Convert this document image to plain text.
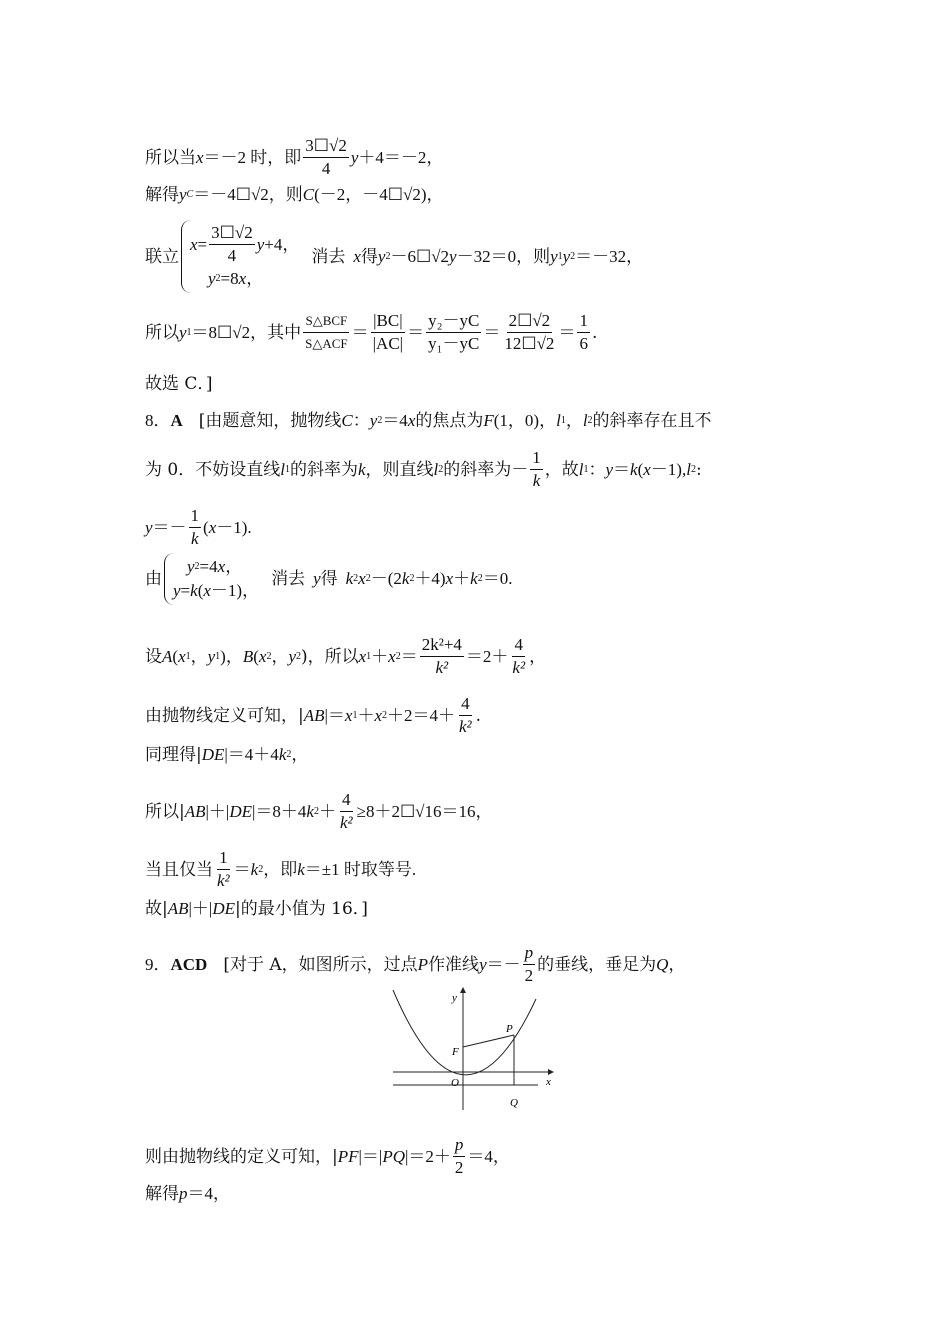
所以当 x ＝－2 时，即 $\frac{3☐√2}{4}$ y ＋4＝－2，
解得 y C ＝－4☐√2，则 C (－2，－4☐√2)，
联立
$x = \frac{3☐√2}{4}$ y +4，
y 2 =8 x ，
消去 x 得 y 2 －6☐√2 y －32＝0，则 y 1 y 2 ＝－32，
所以 y 1 ＝8☐√2，其中 $\frac{\text{S△BCF}}{\text{S△ACF}} = \frac{|BC|}{|AC|} = \frac{\text{y₂－yC}}{\text{y₁－yC}} = \frac{2☐√2}{12☐√2} = \frac{1}{6}$ .
故选 C．]
8． A [由题意知，抛物线 C ： y 2 ＝4 x 的焦点为 F (1，0)， l 1 ， l 2 的斜率存在且不
为 0．不妨设直线 l 1 的斜率为 k ，则直线 l 2 的斜率为－ $\frac{1}{k}$ ，故 l 1 ： y ＝ k ( x －1), l 2 :
$y =- \frac{1}{k}$ ( x －1).
由
y 2 =4 x ，
y = k ( x －1)，
消去 y 得 k 2 x 2 －(2 k 2 ＋4) x ＋ k 2 ＝0.
设 A ( x 1 ， y 1 )， B ( x 2 ， y 2 )，所以 x 1 ＋ x $2 = \frac{\text{2k²+4}}{\text{k²}} =2+ \frac{4}{\text{k²}}$ ，
由抛物线定义可知，| AB |＝ x 1 ＋ x $2 +2=4+ \frac{4}{\text{k²}}$ .
同理得| DE |＝4＋4 k 2 ，
所以| AB |＋| DE |＝8＋4 k $2 + \frac{4}{\text{k²}}$ ≥8＋2☐√16＝16，
当且仅当 $\frac{1}{\text{k²}} = k$ 2 ，即 k ＝±1 时取等号.
故| AB |＋| DE |的最小值为 16．]
9． ACD [对于 A，如图所示，过点 P 作准线 $y =- \frac{p}{2}$ 的垂线，垂足为 Q ，
y
x
O
F
P
Q
则由抛物线的定义可知，| PF |＝| PQ $|=2+ \frac{p}{2} =4$，
解得 p ＝4，
